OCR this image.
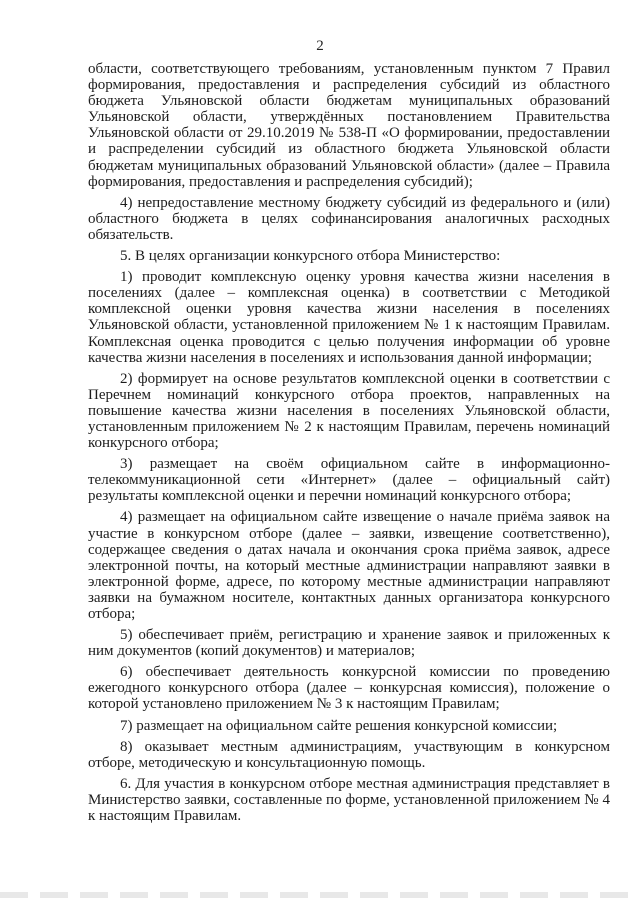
2

области, соответствующего требованиям, установленным пунктом 7 Правил формирования, предоставления и распределения субсидий из областного бюджета Ульяновской области бюджетам муниципальных образований Ульяновской области, утверждённых постановлением Правительства Ульяновской области от 29.10.2019 № 538-П «О формировании, предоставлении и распределении субсидий из областного бюджета Ульяновской области бюджетам муниципальных образований Ульяновской области» (далее – Правила формирования, предоставления и распределения субсидий);

4) непредоставление местному бюджету субсидий из федерального и (или) областного бюджета в целях софинансирования аналогичных расходных обязательств.

5. В целях организации конкурсного отбора Министерство:

1) проводит комплексную оценку уровня качества жизни населения в поселениях (далее – комплексная оценка) в соответствии с Методикой комплексной оценки уровня качества жизни населения в поселениях Ульяновской области, установленной приложением № 1 к настоящим Правилам. Комплексная оценка проводится с целью получения информации об уровне качества жизни населения в поселениях и использования данной информации;

2) формирует на основе результатов комплексной оценки в соответствии с Перечнем номинаций конкурсного отбора проектов, направленных на повышение качества жизни населения в поселениях Ульяновской области, установленным приложением № 2 к настоящим Правилам, перечень номинаций конкурсного отбора;

3) размещает на своём официальном сайте в информационно-телекоммуникационной сети «Интернет» (далее – официальный сайт) результаты комплексной оценки и перечни номинаций конкурсного отбора;

4) размещает на официальном сайте извещение о начале приёма заявок на участие в конкурсном отборе (далее – заявки, извещение соответственно), содержащее сведения о датах начала и окончания срока приёма заявок, адресе электронной почты, на который местные администрации направляют заявки в электронной форме, адресе, по которому местные администрации направляют заявки на бумажном носителе, контактных данных организатора конкурсного отбора;

5) обеспечивает приём, регистрацию и хранение заявок и приложенных к ним документов (копий документов) и материалов;

6) обеспечивает деятельность конкурсной комиссии по проведению ежегодного конкурсного отбора (далее – конкурсная комиссия), положение о которой установлено приложением № 3 к настоящим Правилам;

7) размещает на официальном сайте решения конкурсной комиссии;

8) оказывает местным администрациям, участвующим в конкурсном отборе, методическую и консультационную помощь.

6. Для участия в конкурсном отборе местная администрация представляет в Министерство заявки, составленные по форме, установленной приложением № 4 к настоящим Правилам.
